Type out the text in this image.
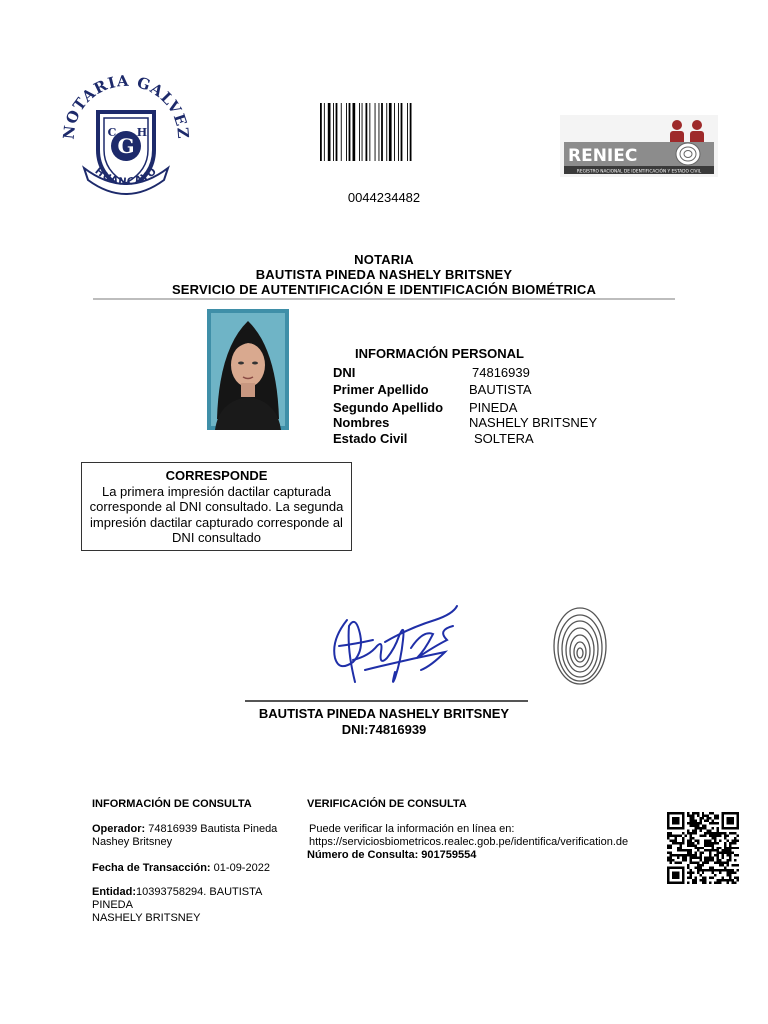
NOTARIA GALVEZ
G
C H
HUANCAYO
0044234482
RENIEC
REGISTRO NACIONAL DE IDENTIFICACIÓN Y ESTADO CIVIL
NOTARIA
BAUTISTA PINEDA NASHELY BRITSNEY
SERVICIO DE AUTENTIFICACIÓN E IDENTIFICACIÓN BIOMÉTRICA
INFORMACIÓN PERSONAL
DNI	74816939
Primer Apellido	BAUTISTA
Segundo Apellido PINEDA
Nombres	NASHELY BRITSNEY
Estado Civil	SOLTERA
CORRESPONDE
La primera impresión dactilar capturada corresponde al DNI consultado. La segunda impresión dactilar capturado corresponde al DNI consultado
BAUTISTA PINEDA NASHELY BRITSNEY
DNI:74816939
INFORMACIÓN DE CONSULTA	VERIFICACIÓN DE CONSULTA
Operador: 74816939 Bautista Pineda
Nashey Britsney
Fecha de Transacción: 01-09-2022
Entidad:10393758294. BAUTISTA
PINEDA
NASHELY BRITSNEY
Puede verificar la información en línea en:
https://serviciosbiometricos.realec.gob.pe/identifica/verification.de
Número de Consulta: 901759554
